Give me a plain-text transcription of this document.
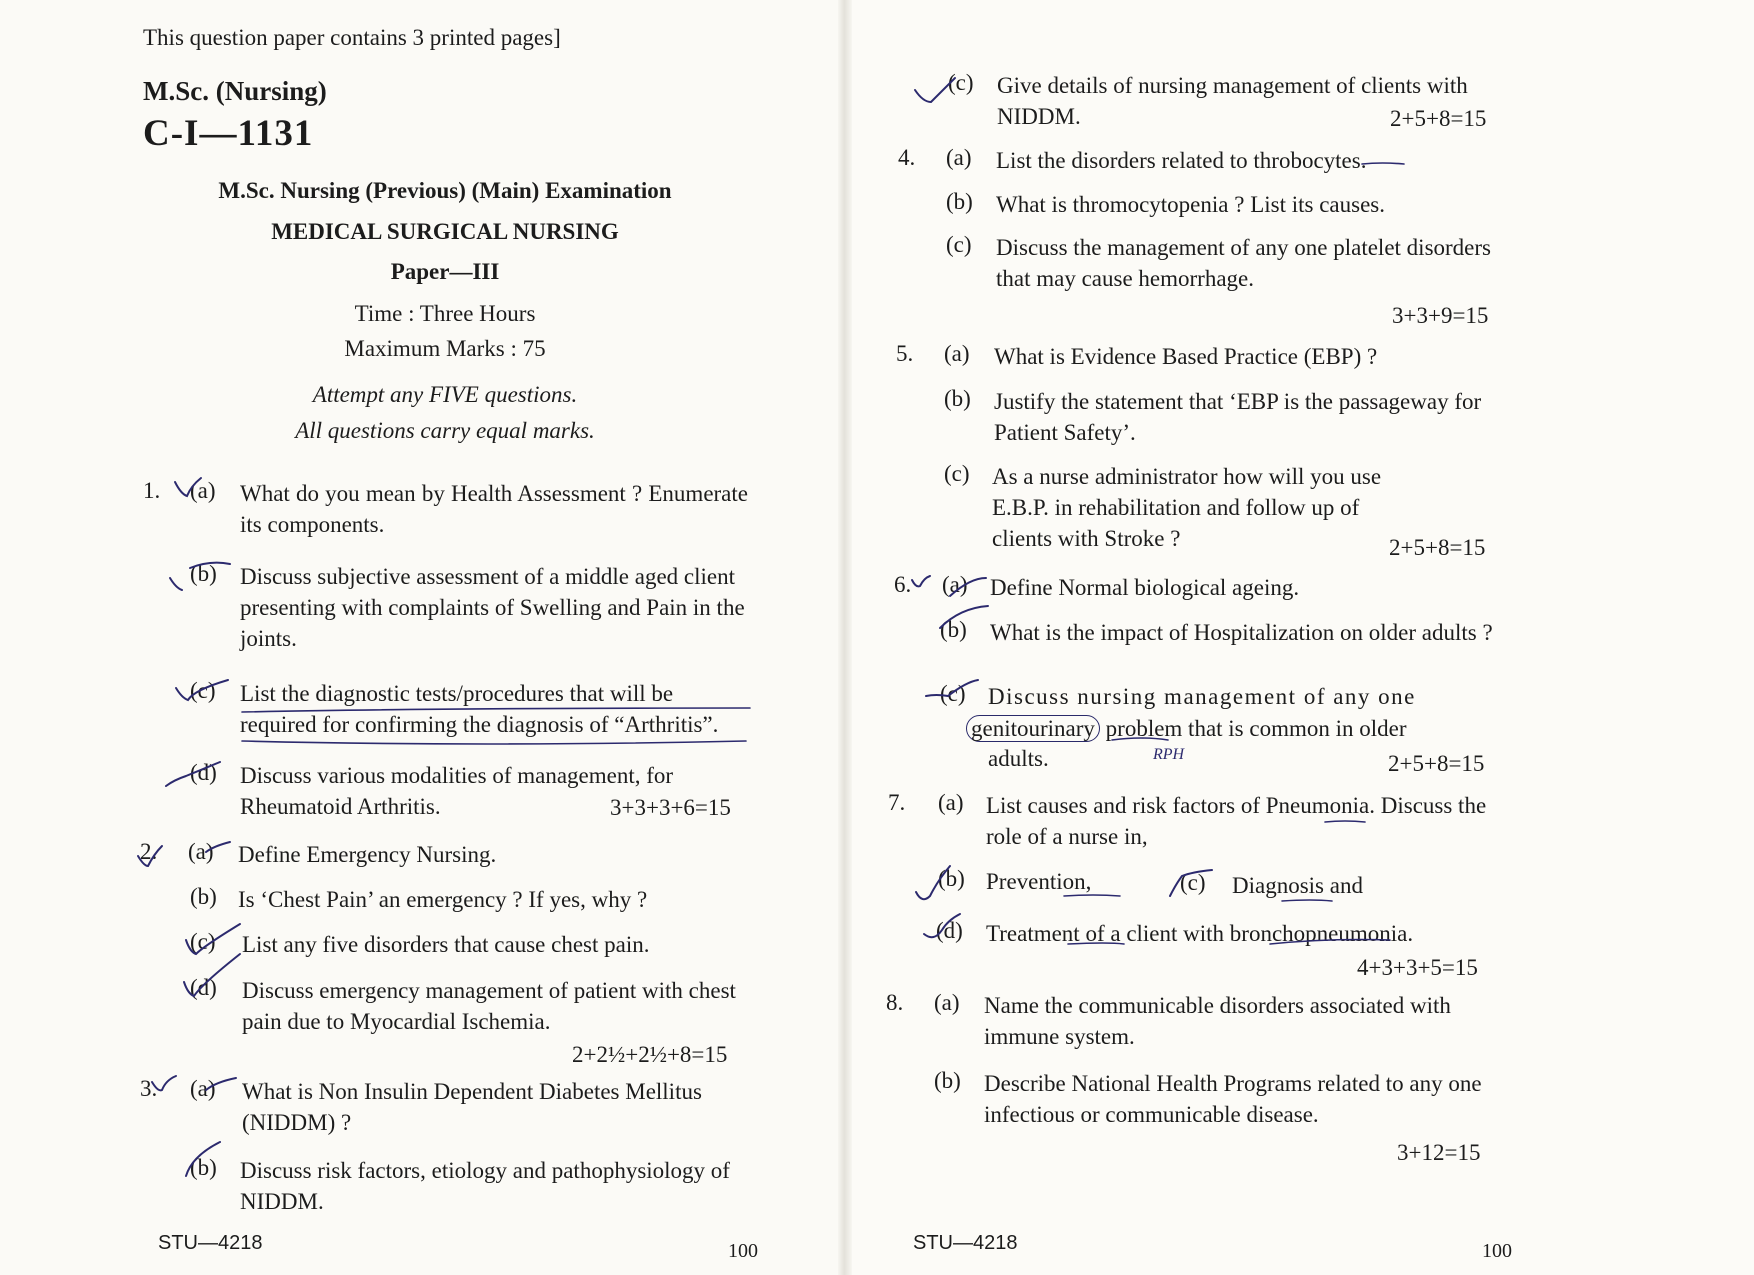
This question paper contains 3 printed pages]
M.Sc. (Nursing)
C-I—1131
M.Sc. Nursing (Previous) (Main) Examination
MEDICAL SURGICAL NURSING
Paper—III
Time : Three Hours
Maximum Marks : 75
Attempt any FIVE questions.
All questions carry equal marks.
1. (a) What do you mean by Health Assessment ? Enumerate its components.
(b) Discuss subjective assessment of a middle aged client presenting with complaints of Swelling and Pain in the joints.
(c) List the diagnostic tests/procedures that will be required for confirming the diagnosis of “Arthritis”.
(d) Discuss various modalities of management, for Rheumatoid Arthritis.	3+3+3+6=15
2. (a) Define Emergency Nursing.
(b) Is ‘Chest Pain’ an emergency ? If yes, why ?
(c) List any five disorders that cause chest pain.
(d) Discuss emergency management of patient with chest pain due to Myocardial Ischemia.
2+2½+2½+8=15
3. (a) What is Non Insulin Dependent Diabetes Mellitus (NIDDM) ?
(b) Discuss risk factors, etiology and pathophysiology of NIDDM.
STU—4218	100
(c) Give details of nursing management of clients with NIDDM.	2+5+8=15
4. (a) List the disorders related to throbocytes.
(b) What is thromocytopenia ? List its causes.
(c) Discuss the management of any one platelet disorders that may cause hemorrhage.
3+3+9=15
5. (a) What is Evidence Based Practice (EBP) ?
(b) Justify the statement that ‘EBP is the passageway for Patient Safety’.
(c) As a nurse administrator how will you use E.B.P. in rehabilitation and follow up of clients with Stroke ?	2+5+8=15
6. (a) Define Normal biological ageing.
(b) What is the impact of Hospitalization on older adults ?
(c) Discuss nursing management of any one
genitourinary problem that is common in older
adults.	2+5+8=15
7. (a) List causes and risk factors of Pneumonia. Discuss the role of a nurse in,
(b) Prevention,	(c) Diagnosis and
(d) Treatment of a client with bronchopneumonia.
4+3+3+5=15
8. (a) Name the communicable disorders associated with immune system.
(b) Describe National Health Programs related to any one infectious or communicable disease.
3+12=15
STU—4218	100
RPH
